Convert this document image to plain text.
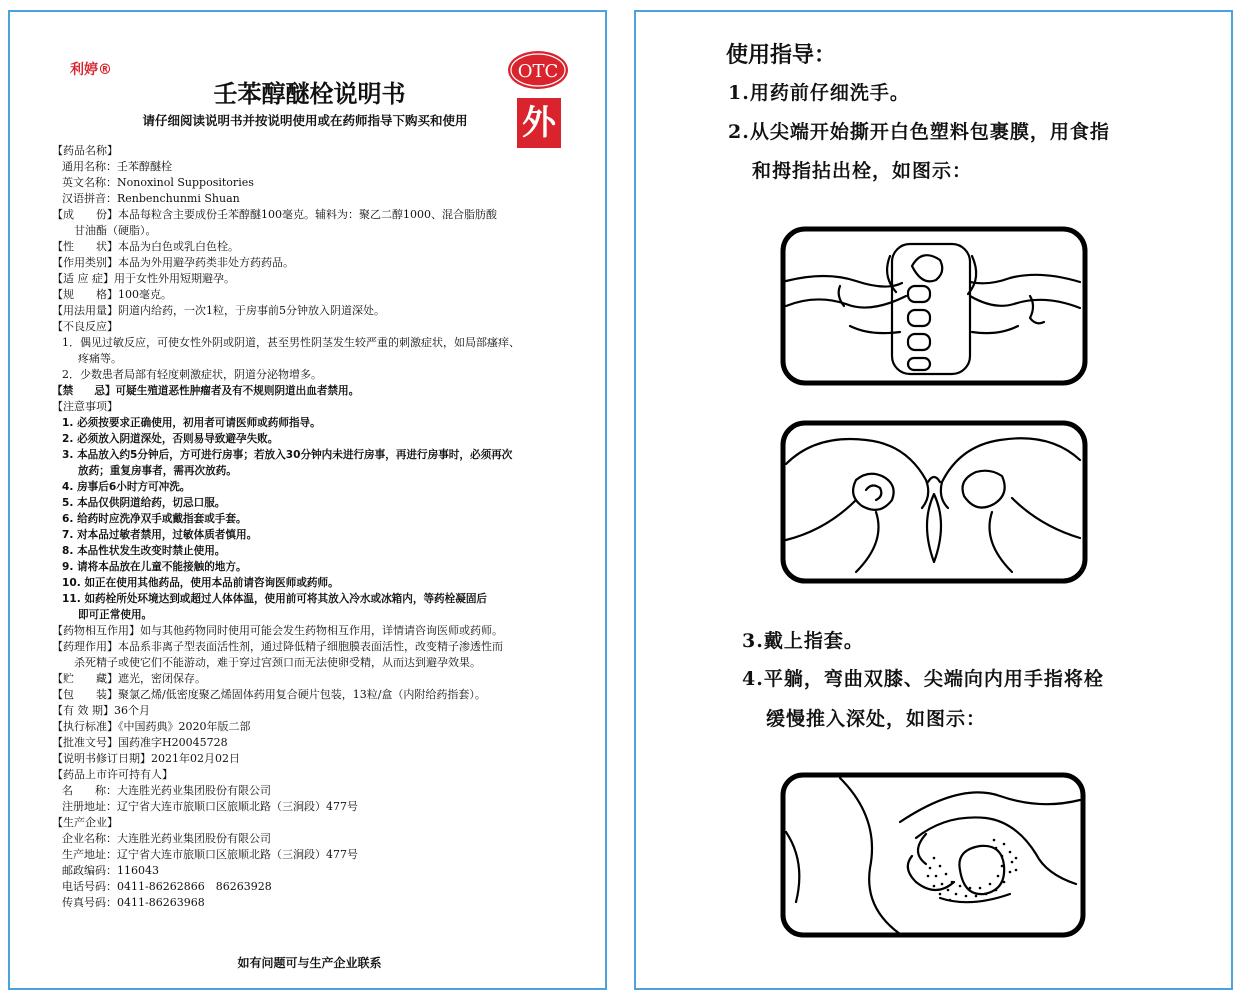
利婷®
壬苯醇醚栓说明书
请仔细阅读说明书并按说明使用或在药师指导下购买和使用
OTC
外
【药品名称】
通用名称：壬苯醇醚栓
英文名称：Nonoxinol Suppositories
汉语拼音：Renbenchunmi Shuan
【成　　份】本品每粒含主要成份壬苯醇醚100毫克。辅料为：聚乙二醇1000、混合脂肪酸
甘油酯（硬脂）。
【性　　状】本品为白色或乳白色栓。
【作用类别】本品为外用避孕药类非处方药药品。
【适 应 症】用于女性外用短期避孕。
【规　　格】100毫克。
【用法用量】阴道内给药，一次1粒，于房事前5分钟放入阴道深处。
【不良反应】
1．偶见过敏反应，可使女性外阴或阴道，甚至男性阴茎发生较严重的刺激症状，如局部瘙痒、
疼痛等。
2．少数患者局部有轻度刺激症状，阴道分泌物增多。
【禁　　忌】可疑生殖道恶性肿瘤者及有不规则阴道出血者禁用。
【注意事项】
1. 必须按要求正确使用，初用者可请医师或药师指导。
2. 必须放入阴道深处，否则易导致避孕失败。
3. 本品放入约5分钟后，方可进行房事；若放入30分钟内未进行房事，再进行房事时，必须再次
放药；重复房事者，需再次放药。
4. 房事后6小时方可冲洗。
5. 本品仅供阴道给药，切忌口服。
6. 给药时应洗净双手或戴指套或手套。
7. 对本品过敏者禁用，过敏体质者慎用。
8. 本品性状发生改变时禁止使用。
9. 请将本品放在儿童不能接触的地方。
10. 如正在使用其他药品，使用本品前请咨询医师或药师。
11. 如药栓所处环境达到或超过人体体温，使用前可将其放入冷水或冰箱内，等药栓凝固后
即可正常使用。
【药物相互作用】如与其他药物同时使用可能会发生药物相互作用，详情请咨询医师或药师。
【药理作用】本品系非离子型表面活性剂，通过降低精子细胞膜表面活性，改变精子渗透性而
杀死精子或使它们不能游动，难于穿过宫颈口而无法使卵受精，从而达到避孕效果。
【贮　　藏】遮光，密闭保存。
【包　　装】聚氯乙烯/低密度聚乙烯固体药用复合硬片包装，13粒/盒（内附给药指套）。
【有 效 期】36个月
【执行标准】《中国药典》2020年版二部
【批准文号】国药准字H20045728
【说明书修订日期】2021年02月02日
【药品上市许可持有人】
名　　称：大连胜光药业集团股份有限公司
注册地址：辽宁省大连市旅顺口区旅顺北路（三涧段）477号
【生产企业】
企业名称：大连胜光药业集团股份有限公司
生产地址：辽宁省大连市旅顺口区旅顺北路（三涧段）477号
邮政编码：116043
电话号码：0411-86262866　86263928
传真号码：0411-86263968
如有问题可与生产企业联系
使用指导：
1.用药前仔细洗手。
2.从尖端开始撕开白色塑料包裹膜，用食指
和拇指拈出栓，如图示：
3.戴上指套。
4.平躺，弯曲双膝、尖端向内用手指将栓
缓慢推入深处，如图示：
